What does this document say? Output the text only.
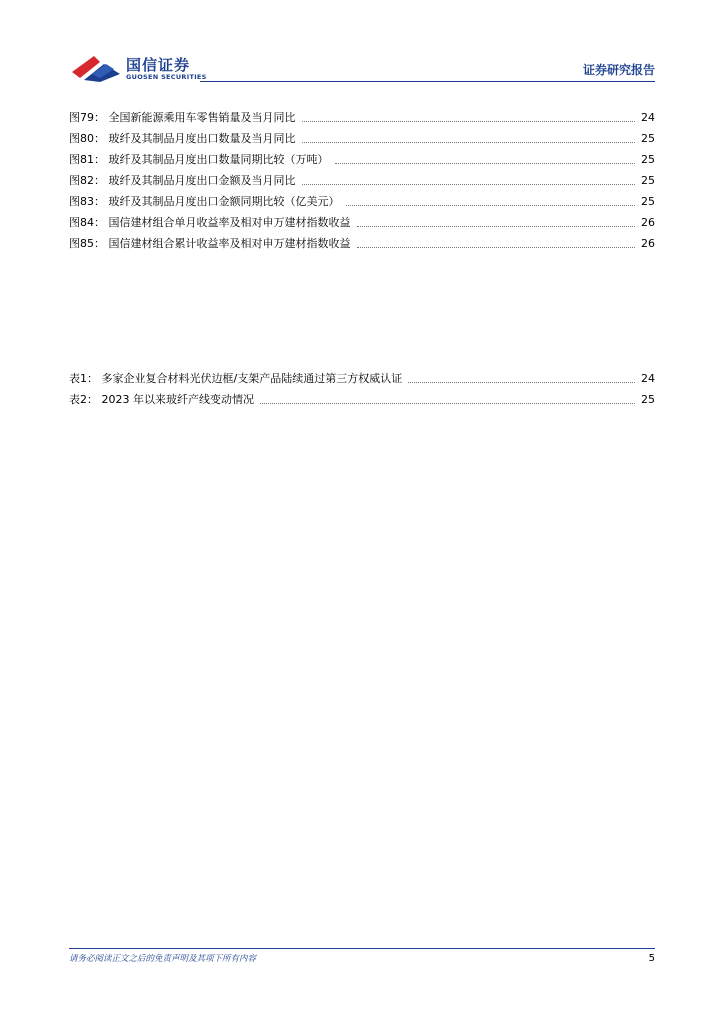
国信证券
GUOSEN SECURITIES	证券研究报告
图79： 全国新能源乘用车零售销量及当月同比	24
图80： 玻纤及其制品月度出口数量及当月同比	25
图81： 玻纤及其制品月度出口数量同期比较（万吨）	25
图82： 玻纤及其制品月度出口金额及当月同比	25
图83： 玻纤及其制品月度出口金额同期比较（亿美元）	25
图84： 国信建材组合单月收益率及相对申万建材指数收益	26
图85： 国信建材组合累计收益率及相对申万建材指数收益	26
表1： 多家企业复合材料光伏边框/支架产品陆续通过第三方权威认证	24
表2： 2023 年以来玻纤产线变动情况	25
请务必阅读正文之后的免责声明及其项下所有内容	5
